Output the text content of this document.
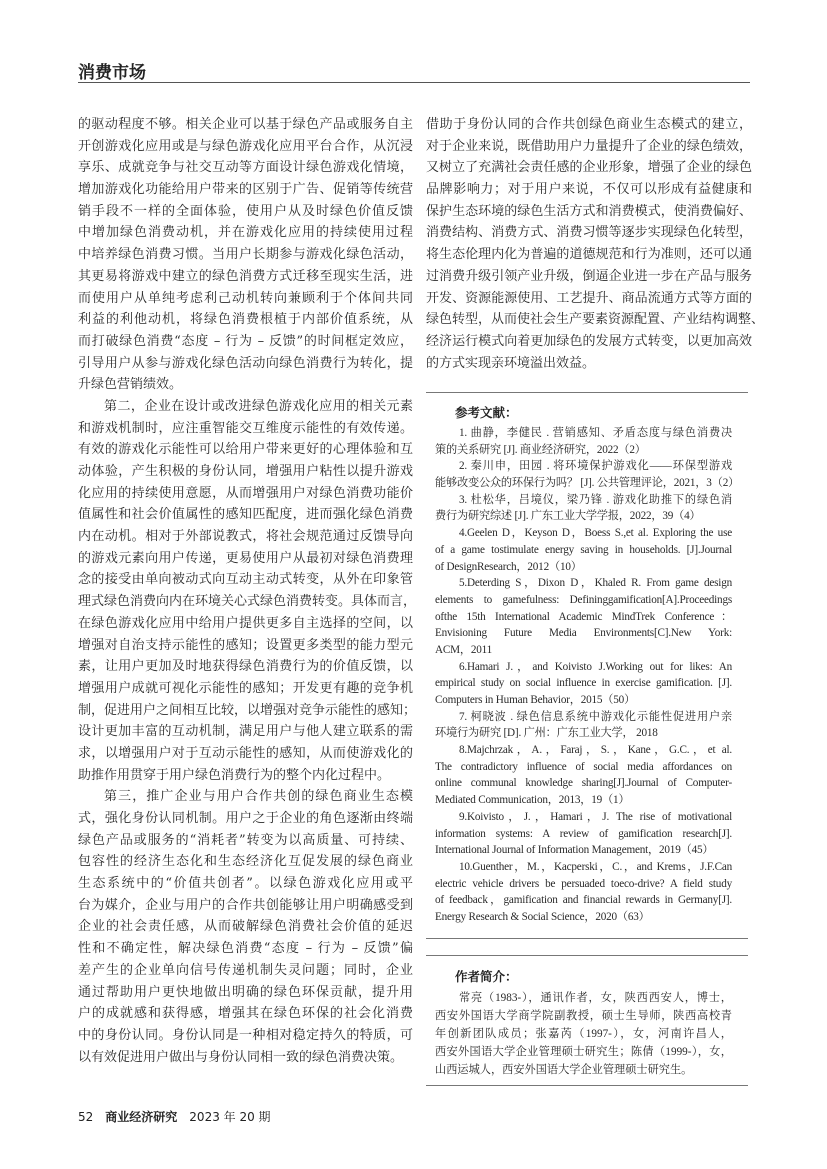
消费市场
的驱动程度不够。相关企业可以基于绿色产品或服务自主
开创游戏化应用或是与绿色游戏化应用平台合作，从沉浸
享乐、成就竞争与社交互动等方面设计绿色游戏化情境，
增加游戏化功能给用户带来的区别于广告、促销等传统营
销手段不一样的全面体验，使用户从及时绿色价值反馈
中增加绿色消费动机，并在游戏化应用的持续使用过程
中培养绿色消费习惯。当用户长期参与游戏化绿色活动，
其更易将游戏中建立的绿色消费方式迁移至现实生活，进
而使用户从单纯考虑利己动机转向兼顾利于个体间共同
利益的利他动机，将绿色消费根植于内部价值系统，从
而打破绿色消费“态度 – 行为 – 反馈”的时间框定效应，
引导用户从参与游戏化绿色活动向绿色消费行为转化，提
升绿色营销绩效。
第二，企业在设计或改进绿色游戏化应用的相关元素
和游戏机制时，应注重智能交互维度示能性的有效传递。
有效的游戏化示能性可以给用户带来更好的心理体验和互
动体验，产生积极的身份认同，增强用户粘性以提升游戏
化应用的持续使用意愿，从而增强用户对绿色消费功能价
值属性和社会价值属性的感知匹配度，进而强化绿色消费
内在动机。相对于外部说教式，将社会规范通过反馈导向
的游戏元素向用户传递，更易使用户从最初对绿色消费理
念的接受由单向被动式向互动主动式转变，从外在印象管
理式绿色消费向内在环境关心式绿色消费转变。具体而言，
在绿色游戏化应用中给用户提供更多自主选择的空间，以
增强对自治支持示能性的感知；设置更多类型的能力型元
素，让用户更加及时地获得绿色消费行为的价值反馈，以
增强用户成就可视化示能性的感知；开发更有趣的竞争机
制，促进用户之间相互比较，以增强对竞争示能性的感知；
设计更加丰富的互动机制，满足用户与他人建立联系的需
求，以增强用户对于互动示能性的感知，从而使游戏化的
助推作用贯穿于用户绿色消费行为的整个内化过程中。
第三，推广企业与用户合作共创的绿色商业生态模
式，强化身份认同机制。用户之于企业的角色逐渐由终端
绿色产品或服务的“消耗者”转变为以高质量、可持续、
包容性的经济生态化和生态经济化互促发展的绿色商业
生态系统中的“价值共创者”。以绿色游戏化应用或平
台为媒介，企业与用户的合作共创能够让用户明确感受到
企业的社会责任感，从而破解绿色消费社会价值的延迟
性和不确定性，解决绿色消费“态度 – 行为 – 反馈”偏
差产生的企业单向信号传递机制失灵问题；同时，企业
通过帮助用户更快地做出明确的绿色环保贡献，提升用
户的成就感和获得感，增强其在绿色环保的社会化消费
中的身份认同。身份认同是一种相对稳定持久的特质，可
以有效促进用户做出与身份认同相一致的绿色消费决策。
借助于身份认同的合作共创绿色商业生态模式的建立，
对于企业来说，既借助用户力量提升了企业的绿色绩效，
又树立了充满社会责任感的企业形象，增强了企业的绿色
品牌影响力；对于用户来说，不仅可以形成有益健康和
保护生态环境的绿色生活方式和消费模式，使消费偏好、
消费结构、消费方式、消费习惯等逐步实现绿色化转型，
将生态伦理内化为普遍的道德规范和行为准则，还可以通
过消费升级引领产业升级，倒逼企业进一步在产品与服务
开发、资源能源使用、工艺提升、商品流通方式等方面的
绿色转型，从而使社会生产要素资源配置、产业结构调整、
经济运行模式向着更加绿色的发展方式转变，以更加高效
的方式实现亲环境溢出效益。
参考文献：
1. 曲静，李健民 . 营销感知、矛盾态度与绿色消费决
策的关系研究 [J]. 商业经济研究，2022（2）
2. 秦川申，田园 . 将环境保护游戏化——环保型游戏
能够改变公众的环保行为吗？ [J]. 公共管理评论，2021，3（2）
3. 杜松华，吕境仪，梁乃锋 . 游戏化助推下的绿色消
费行为研究综述 [J]. 广东工业大学学报，2022，39（4）
4.Geelen D，Keyson D，Boess S.,et al. Exploring the use
of a game tostimulate energy saving in households. [J].Journal
of DesignResearch，2012（10）
5.Deterding S，Dixon D，Khaled R. From game design
elements to gamefulness: Defininggamification[A].Proceedings
ofthe 15th International Academic MindTrek Conference：
Envisioning Future Media Environments[C].New York:
ACM，2011
6.Hamari J.，and Koivisto J.Working out for likes: An
empirical study on social influence in exercise gamification. [J].
Computers in Human Behavior，2015（50）
7. 柯晓波 . 绿色信息系统中游戏化示能性促进用户亲
环境行为研究 [D]. 广州：广东工业大学， 2018
8.Majchrzak，A.，Faraj，S.，Kane，G.C.，et al.
The contradictory influence of social media affordances on
online communal knowledge sharing[J].Journal of Computer-
Mediated Communication，2013，19（1）
9.Koivisto，J.，Hamari，J. The rise of motivational
information systems: A review of gamification research[J].
International Journal of Information Management，2019（45）
10.Guenther，M.，Kacperski，C.，and Krems，J.F.Can
electric vehicle drivers be persuaded toeco-drive? A field study
of feedback，gamification and financial rewards in Germany[J].
Energy Research & Social Science，2020（63）
作者简介：
常亮（1983-），通讯作者，女，陕西西安人，博士，
西安外国语大学商学院副教授，硕士生导师，陕西高校青
年创新团队成员；张嘉芮（1997-），女，河南许昌人，
西安外国语大学企业管理硕士研究生；陈倩（1999-），女，
山西运城人，西安外国语大学企业管理硕士研究生。
52 商业经济研究 2023 年 20 期
